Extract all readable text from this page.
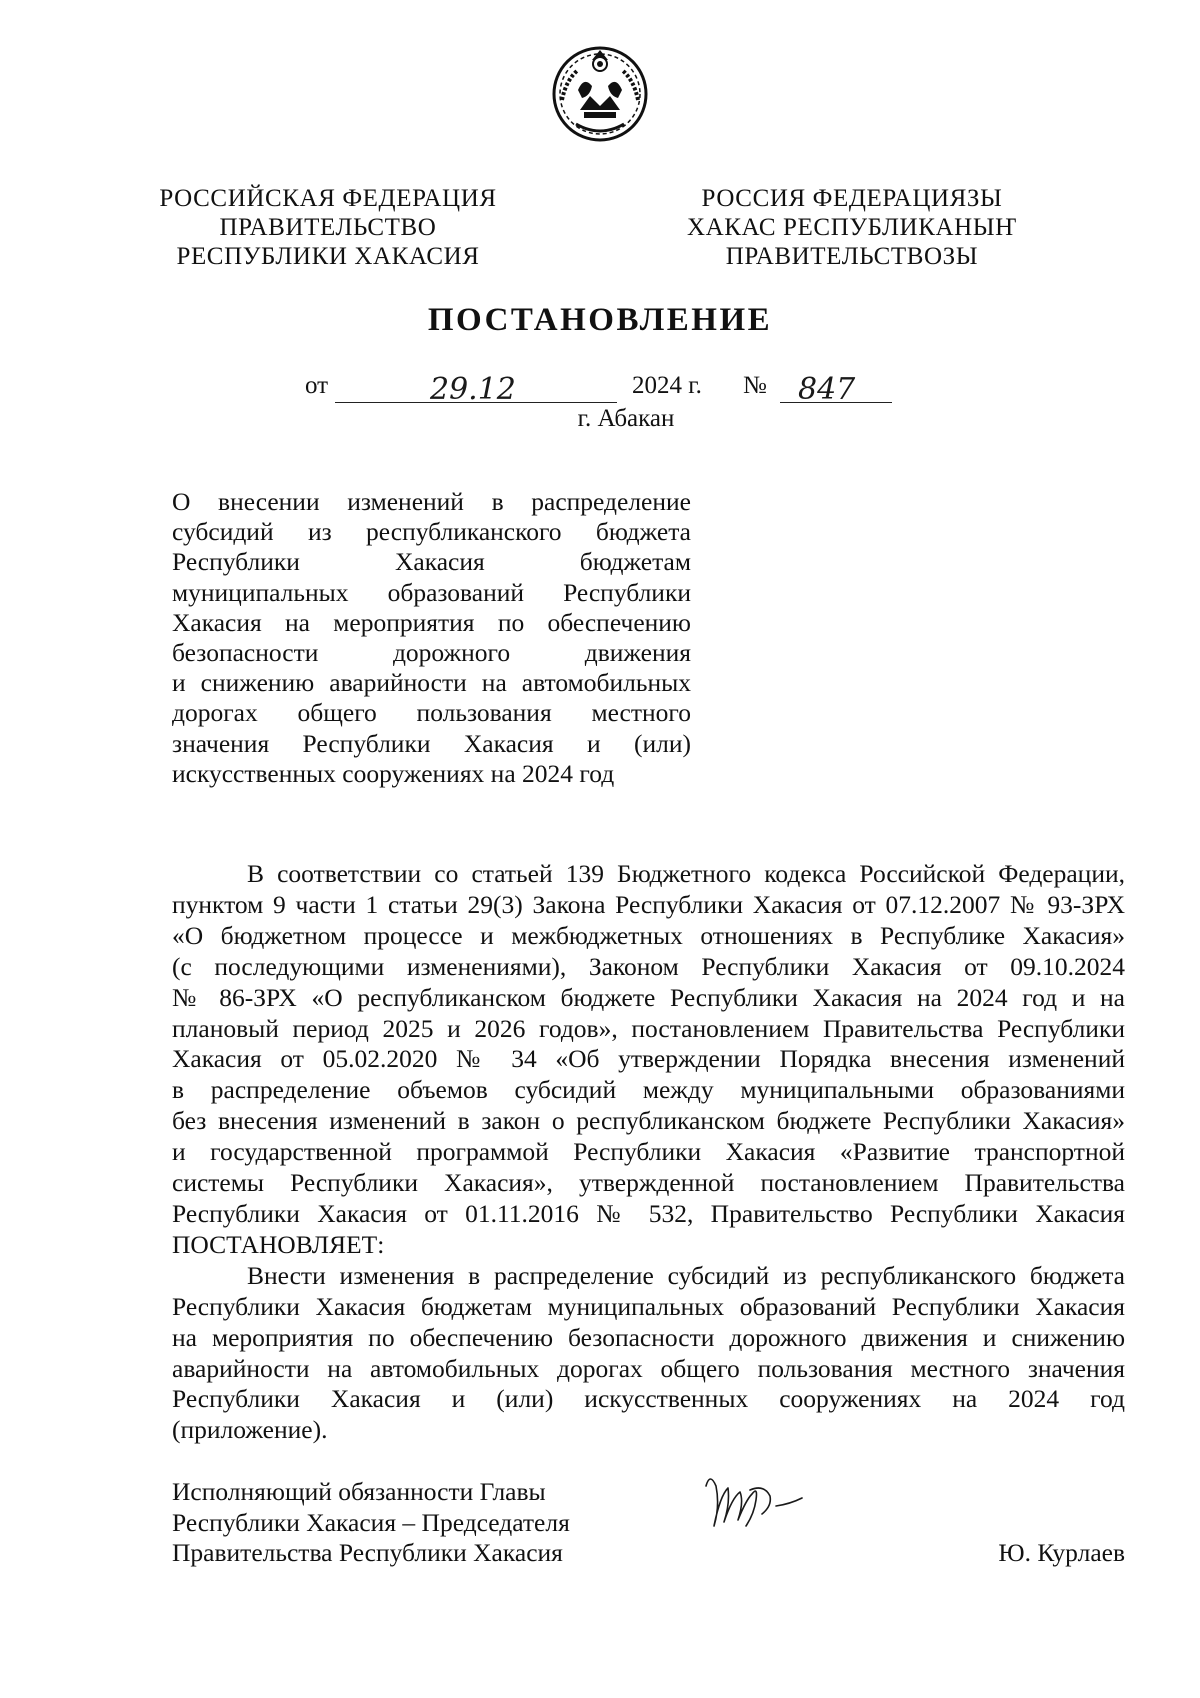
РОССИЙСКАЯ ФЕДЕРАЦИЯ
ПРАВИТЕЛЬСТВО
РЕСПУБЛИКИ ХАКАСИЯ
РОССИЯ ФЕДЕРАЦИЯЗЫ
ХАКАС РЕСПУБЛИКАНЫҤ
ПРАВИТЕЛЬСТВОЗЫ
ПОСТАНОВЛЕНИЕ
от	29.12	2024 г. № 847
г. Абакан
О внесении изменений в распределение
субсидий из республиканского бюджета
Республики Хакасия бюджетам
муниципальных образований Республики
Хакасия на мероприятия по обеспечению
безопасности дорожного движения
и снижению аварийности на автомобильных
дорогах общего пользования местного
значения Республики Хакасия и (или)
искусственных сооружениях на 2024 год
В соответствии со статьей 139 Бюджетного кодекса Российской Федерации,
пунктом 9 части 1 статьи 29(3) Закона Республики Хакасия от 07.12.2007 № 93-ЗРХ
«О бюджетном процессе и межбюджетных отношениях в Республике Хакасия»
(с последующими изменениями), Законом Республики Хакасия от 09.10.2024
№ 86-ЗРХ «О республиканском бюджете Республики Хакасия на 2024 год и на
плановый период 2025 и 2026 годов», постановлением Правительства Республики
Хакасия от 05.02.2020 № 34 «Об утверждении Порядка внесения изменений
в распределение объемов субсидий между муниципальными образованиями
без внесения изменений в закон о республиканском бюджете Республики Хакасия»
и государственной программой Республики Хакасия «Развитие транспортной
системы Республики Хакасия», утвержденной постановлением Правительства
Республики Хакасия от 01.11.2016 № 532, Правительство Республики Хакасия
ПОСТАНОВЛЯЕТ:
Внести изменения в распределение субсидий из республиканского бюджета
Республики Хакасия бюджетам муниципальных образований Республики Хакасия
на мероприятия по обеспечению безопасности дорожного движения и снижению
аварийности на автомобильных дорогах общего пользования местного значения
Республики Хакасия и (или) искусственных сооружениях на 2024 год
(приложение).
Исполняющий обязанности Главы
Республики Хакасия – Председателя
Правительства Республики Хакасия	Ю. Курлаев
